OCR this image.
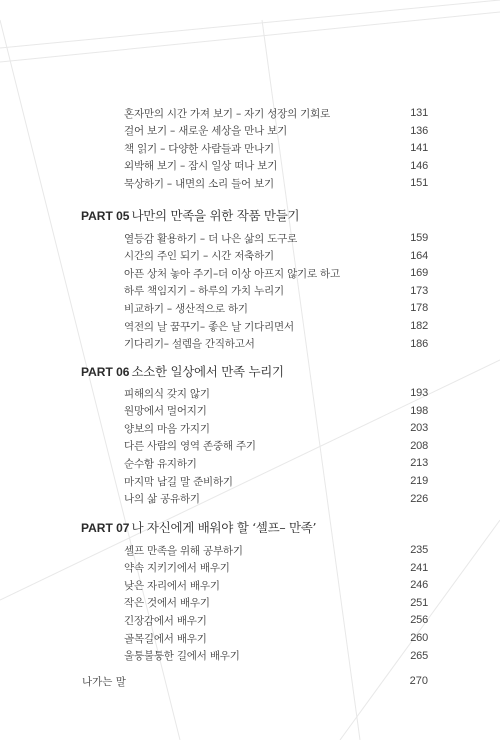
혼자만의 시간 가져 보기 – 자기 성장의 기회로	131
걸어 보기 – 새로운 세상을 만나 보기	136
책 읽기 – 다양한 사람들과 만나기	141
외박해 보기 – 잠시 일상 떠나 보기	146
묵상하기 – 내면의 소리 들어 보기	151
PART 05 나만의 만족을 위한 작품 만들기
열등감 활용하기 – 더 나은 삶의 도구로	159
시간의 주인 되기 – 시간 저축하기	164
아픈 상처 놓아 주기–더 이상 아프지 않기로 하고	169
하루 책임지기 – 하루의 가치 누리기	173
비교하기 – 생산적으로 하기	178
역전의 날 꿈꾸기– 좋은 날 기다리면서	182
기다리기– 설렘을 간직하고서	186
PART 06 소소한 일상에서 만족 누리기
피해의식 갖지 않기	193
원망에서 멀어지기	198
양보의 마음 가지기	203
다른 사람의 영역 존중해 주기	208
순수함 유지하기	213
마지막 남길 말 준비하기	219
나의 삶 공유하기	226
PART 07 나 자신에게 배워야 할 ‘셀프– 만족’
셀프 만족을 위해 공부하기	235
약속 지키기에서 배우기	241
낮은 자리에서 배우기	246
작은 것에서 배우기	251
긴장감에서 배우기	256
골목길에서 배우기	260
울퉁불퉁한 길에서 배우기	265
나가는 말	270
